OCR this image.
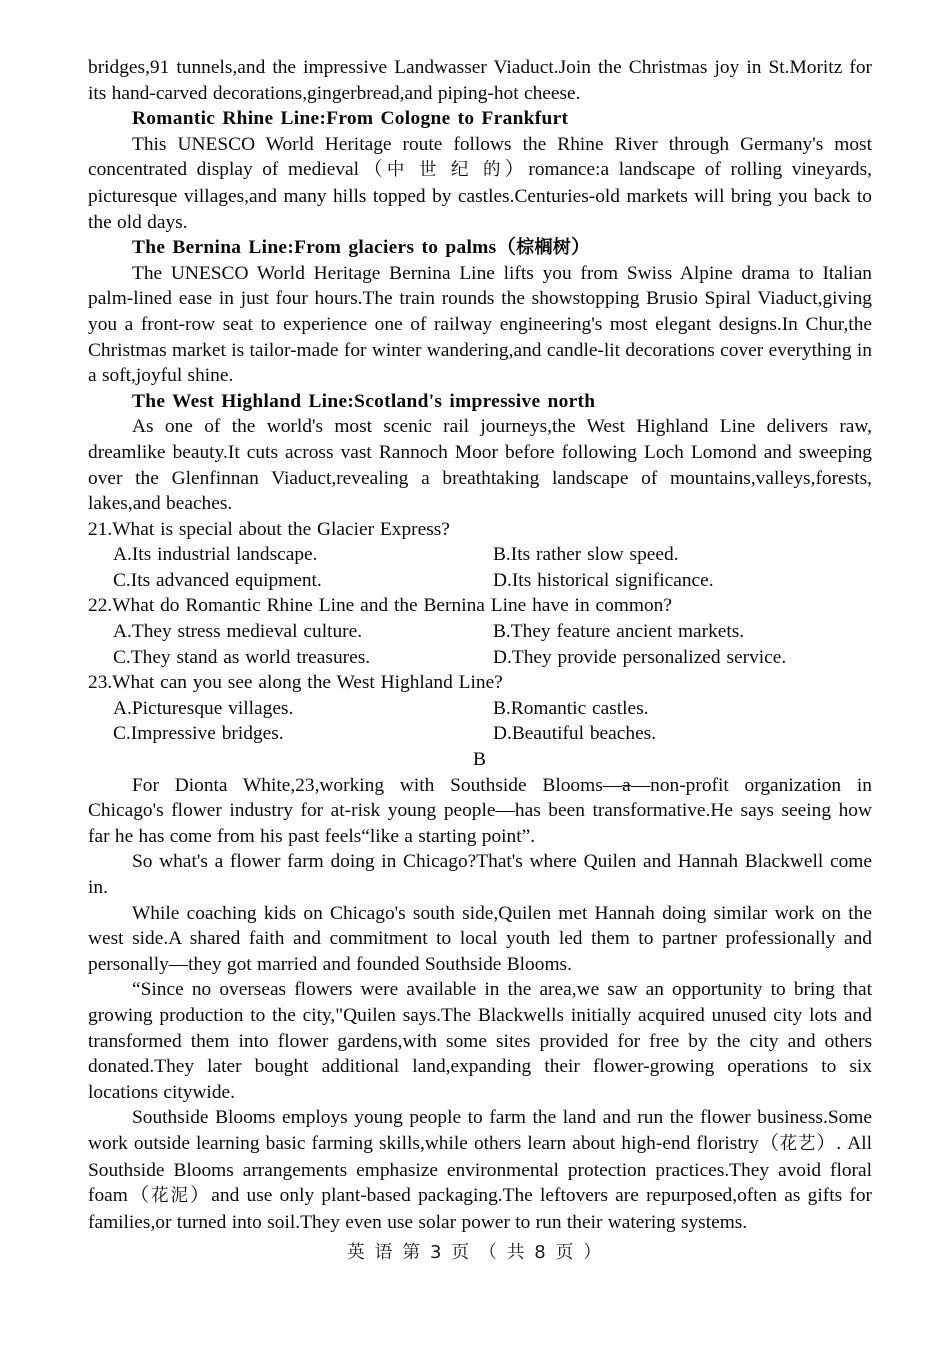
bridges,91 tunnels,and the impressive Landwasser Viaduct.Join the Christmas joy in St.Moritz for its hand-carved decorations,gingerbread,and piping-hot cheese.

Romantic Rhine Line:From Cologne to Frankfurt

This UNESCO World Heritage route follows the Rhine River through Germany's most concentrated display of medieval（中 世 纪 的）romance:a landscape of rolling vineyards, picturesque villages,and many hills topped by castles.Centuries-old markets will bring you back to the old days.

The Bernina Line:From glaciers to palms（棕榈树）

The UNESCO World Heritage Bernina Line lifts you from Swiss Alpine drama to Italian palm-lined ease in just four hours.The train rounds the showstopping Brusio Spiral Viaduct,giving you a front-row seat to experience one of railway engineering's most elegant designs.In Chur,the Christmas market is tailor-made for winter wandering,and candle-lit decorations cover everything in a soft,joyful shine.

The West Highland Line:Scotland's impressive north

As one of the world's most scenic rail journeys,the West Highland Line delivers raw, dreamlike beauty.It cuts across vast Rannoch Moor before following Loch Lomond and sweeping over the Glenfinnan Viaduct,revealing a breathtaking landscape of mountains,valleys,forests, lakes,and beaches.

21.What is special about the Glacier Express?

A.Its industrial landscape.	B.Its rather slow speed.
C.Its advanced equipment.	D.Its historical significance.

22.What do Romantic Rhine Line and the Bernina Line have in common?

A.They stress medieval culture.	B.They feature ancient markets.
C.They stand as world treasures.	D.They provide personalized service.

23.What can you see along the West Highland Line?

A.Picturesque villages.	B.Romantic castles.
C.Impressive bridges.	D.Beautiful beaches.

B

For Dionta White,23,working with Southside Blooms—a—non-profit organization in Chicago's flower industry for at-risk young people—has been transformative.He says seeing how far he has come from his past feels“like a starting point”.

So what's a flower farm doing in Chicago?That's where Quilen and Hannah Blackwell come in.

While coaching kids on Chicago's south side,Quilen met Hannah doing similar work on the west side.A shared faith and commitment to local youth led them to partner professionally and personally—they got married and founded Southside Blooms.

“Since no overseas flowers were available in the area,we saw an opportunity to bring that growing production to the city,"Quilen says.The Blackwells initially acquired unused city lots and transformed them into flower gardens,with some sites provided for free by the city and others donated.They later bought additional land,expanding their flower-growing operations to six locations citywide.

Southside Blooms employs young people to farm the land and run the flower business.Some work outside learning basic farming skills,while others learn about high-end floristry（花艺）. All Southside Blooms arrangements emphasize environmental protection practices.They avoid floral foam（花泥）and use only plant-based packaging.The leftovers are repurposed,often as gifts for families,or turned into soil.They even use solar power to run their watering systems.

英 语 第 3 页 （ 共 8 页 ）
